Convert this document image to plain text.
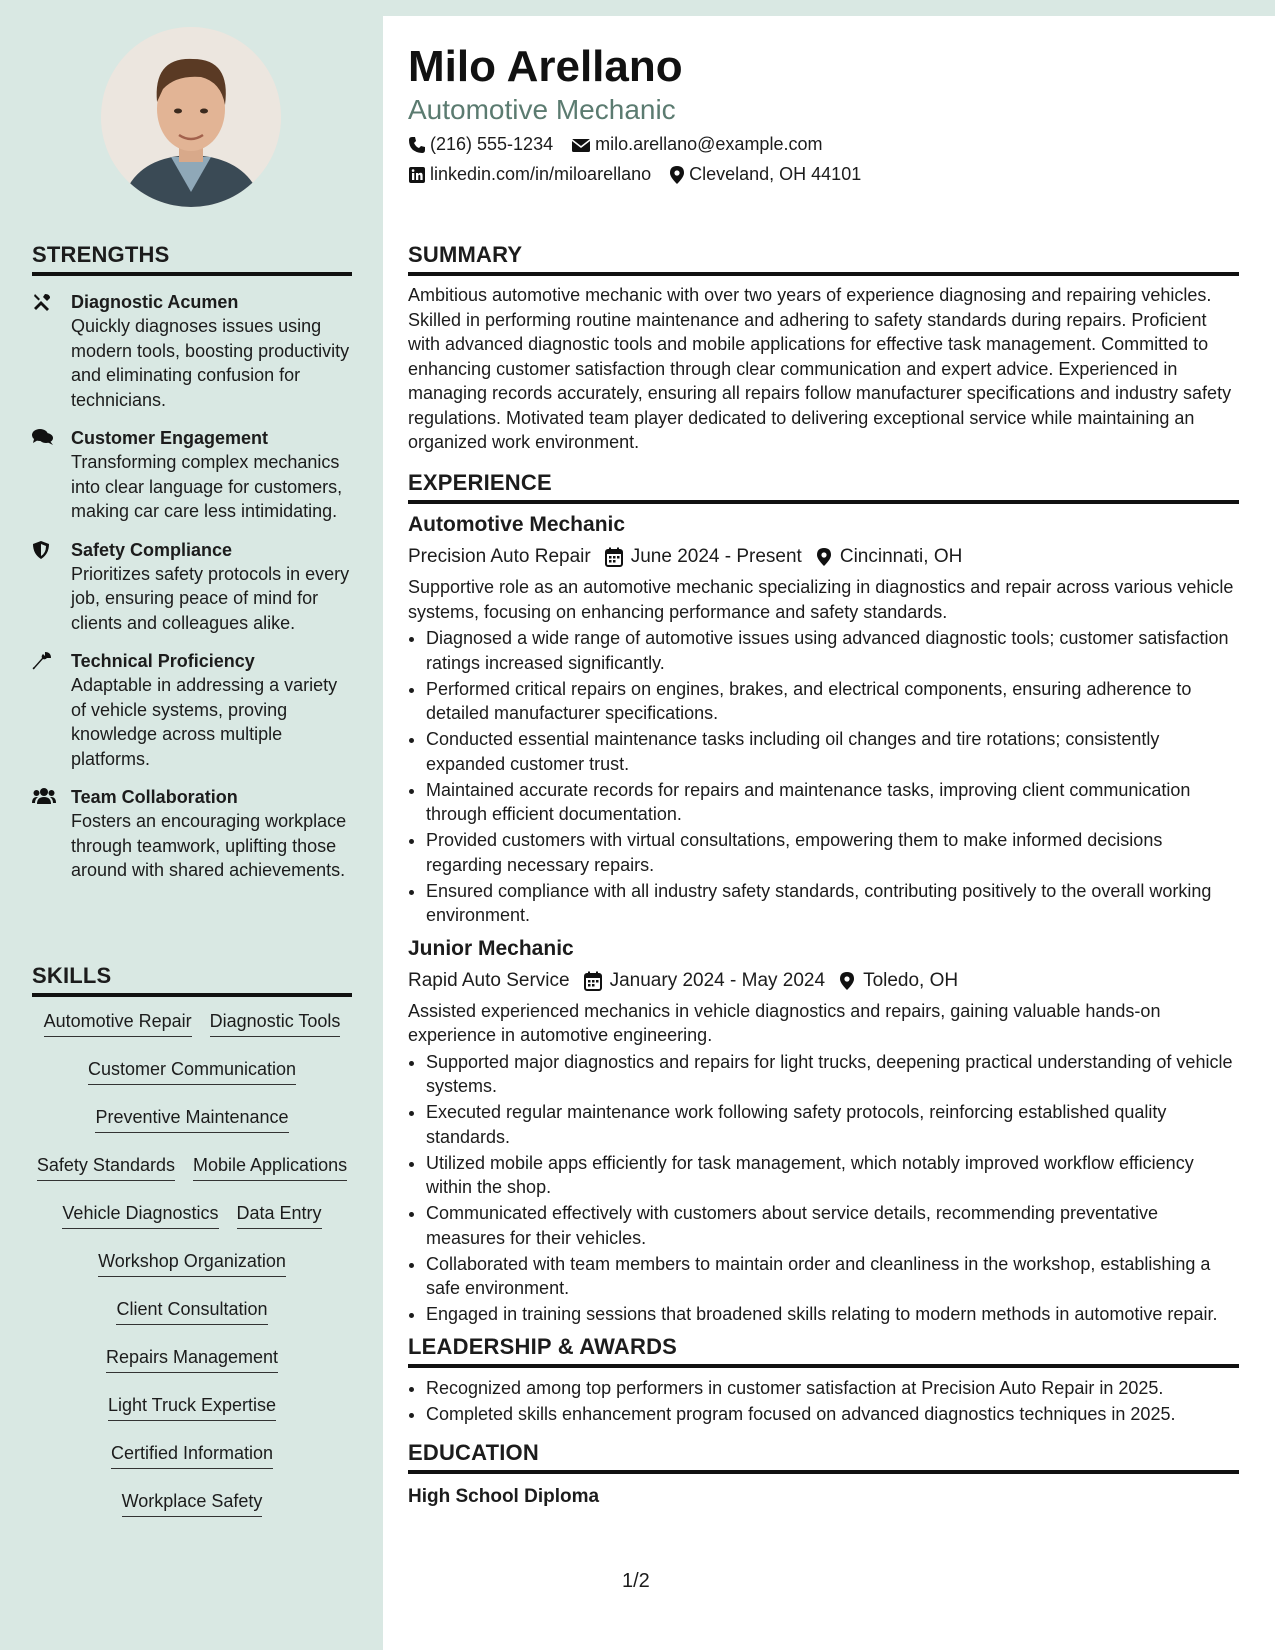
STRENGTHS
Diagnostic Acumen
Quickly diagnoses issues using modern tools, boosting productivity and eliminating confusion for technicians.
Customer Engagement
Transforming complex mechanics into clear language for customers, making car care less intimidating.
Safety Compliance
Prioritizes safety protocols in every job, ensuring peace of mind for clients and colleagues alike.
Technical Proficiency
Adaptable in addressing a variety of vehicle systems, proving knowledge across multiple platforms.
Team Collaboration
Fosters an encouraging workplace through teamwork, uplifting those around with shared achievements.
SKILLS
Automotive Repair Diagnostic Tools
Customer Communication
Preventive Maintenance
Safety Standards Mobile Applications
Vehicle Diagnostics Data Entry
Workshop Organization
Client Consultation
Repairs Management
Light Truck Expertise
Certified Information
Workplace Safety
Milo Arellano
Automotive Mechanic
(216) 555-1234 milo.arellano@example.com
linkedin.com/in/miloarellano Cleveland, OH 44101
SUMMARY
Ambitious automotive mechanic with over two years of experience diagnosing and repairing vehicles. Skilled in performing routine maintenance and adhering to safety standards during repairs. Proficient with advanced diagnostic tools and mobile applications for effective task management. Committed to enhancing customer satisfaction through clear communication and expert advice. Experienced in managing records accurately, ensuring all repairs follow manufacturer specifications and industry safety regulations. Motivated team player dedicated to delivering exceptional service while maintaining an organized work environment.
EXPERIENCE
Automotive Mechanic
Precision Auto Repair June 2024 - Present Cincinnati, OH
Supportive role as an automotive mechanic specializing in diagnostics and repair across various vehicle systems, focusing on enhancing performance and safety standards.
• Diagnosed a wide range of automotive issues using advanced diagnostic tools; customer satisfaction ratings increased significantly.
• Performed critical repairs on engines, brakes, and electrical components, ensuring adherence to detailed manufacturer specifications.
• Conducted essential maintenance tasks including oil changes and tire rotations; consistently expanded customer trust.
• Maintained accurate records for repairs and maintenance tasks, improving client communication through efficient documentation.
• Provided customers with virtual consultations, empowering them to make informed decisions regarding necessary repairs.
• Ensured compliance with all industry safety standards, contributing positively to the overall working environment.
Junior Mechanic
Rapid Auto Service January 2024 - May 2024 Toledo, OH
Assisted experienced mechanics in vehicle diagnostics and repairs, gaining valuable hands-on experience in automotive engineering.
• Supported major diagnostics and repairs for light trucks, deepening practical understanding of vehicle systems.
• Executed regular maintenance work following safety protocols, reinforcing established quality standards.
• Utilized mobile apps efficiently for task management, which notably improved workflow efficiency within the shop.
• Communicated effectively with customers about service details, recommending preventative measures for their vehicles.
• Collaborated with team members to maintain order and cleanliness in the workshop, establishing a safe environment.
• Engaged in training sessions that broadened skills relating to modern methods in automotive repair.
LEADERSHIP & AWARDS
• Recognized among top performers in customer satisfaction at Precision Auto Repair in 2025.
• Completed skills enhancement program focused on advanced diagnostics techniques in 2025.
EDUCATION
High School Diploma
1/2
